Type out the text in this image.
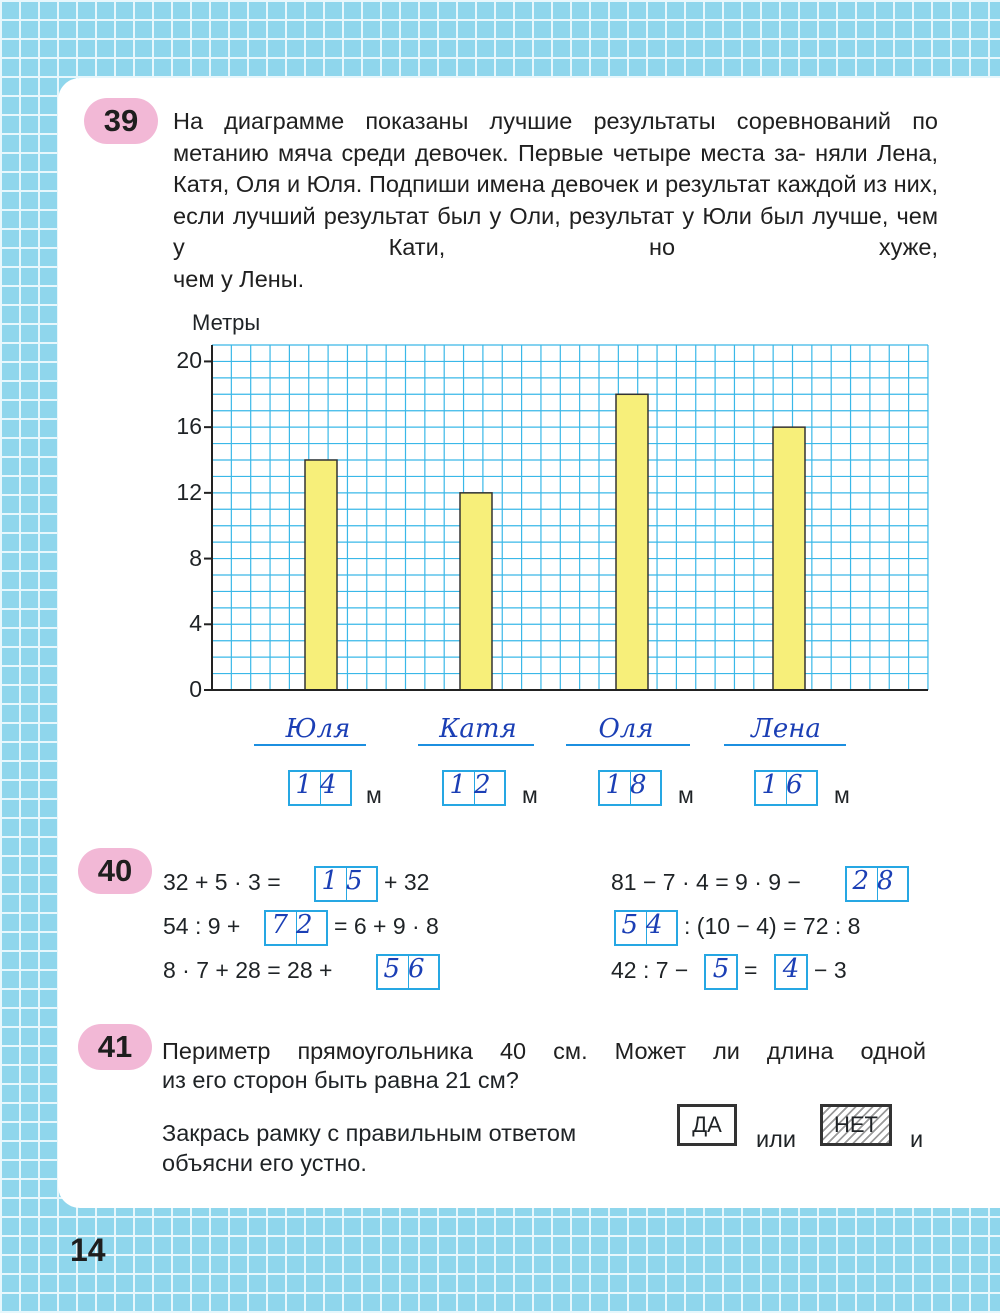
39	На диаграмме показаны лучшие результаты соревнований по метанию мяча среди девочек. Первые четыре места за- няли Лена, Катя, Оля и Юля. Подпиши имена девочек и результат каждой из них, если лучший результат был у Оли, результат у Юли был лучше, чем у Кати, но хуже,
чем у Лены.
Метры
0
4
8
12
16
20
Юля	Катя	Оля	Лена
14 м	12 м	18 м	16 м
40	32 + 5 · 3 = 15 + 32
54 : 9 + 72 = 6 + 9 · 8
8 · 7 + 28 = 28 + 56
81 − 7 · 4 = 9 · 9 − 28
54 : (10 − 4) = 72 : 8
42 : 7 − 5 = 4 − 3
41	Периметр прямоугольника 40 см. Может ли длина одной
из его сторон быть равна 21 см?
Закрась рамку с правильным ответом	ДА
или
НЕТ
и
объясни его устно.
14
